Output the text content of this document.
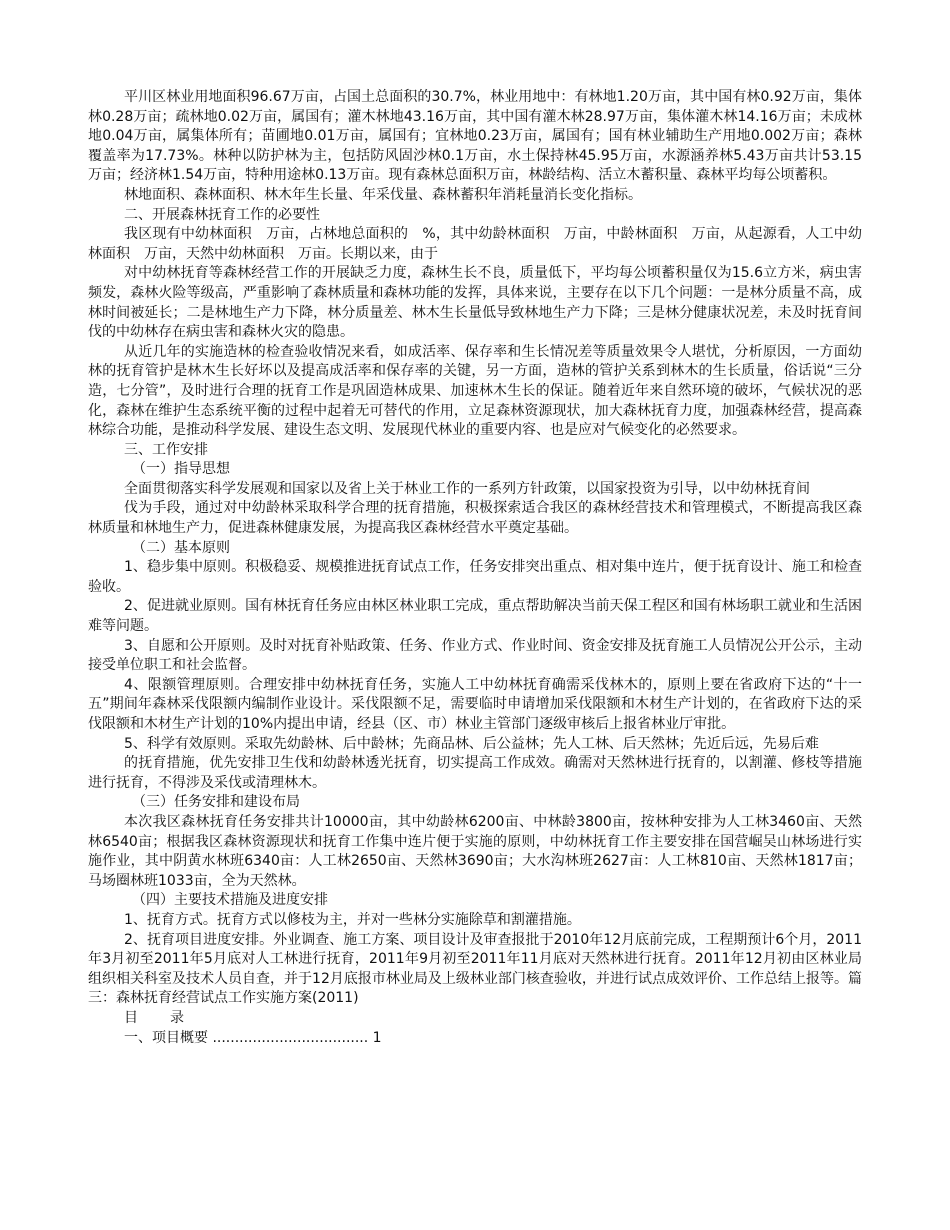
平川区林业用地面积96.67万亩，占国土总面积的30.7%，林业用地中：有林地1.20万亩，其中国有林0.92万亩，集体林0.28万亩；疏林地0.02万亩，属国有；灌木林地43.16万亩，其中国有灌木林28.97万亩，集体灌木林14.16万亩；未成林地0.04万亩，属集体所有；苗圃地0.01万亩，属国有；宜林地0.23万亩，属国有；国有林业辅助生产用地0.002万亩；森林覆盖率为17.73%。林种以防护林为主，包括防风固沙林0.1万亩，水土保持林45.95万亩，水源涵养林5.43万亩共计53.15万亩；经济林1.54万亩，特种用途林0.13万亩。现有森林总面积万亩，林龄结构、活立木蓄积量、森林平均每公顷蓄积。

林地面积、森林面积、林木年生长量、年采伐量、森林蓄积年消耗量消长变化指标。

二、开展森林抚育工作的必要性

我区现有中幼林面积　万亩，占林地总面积的　%，其中幼龄林面积　万亩，中龄林面积　万亩，从起源看，人工中幼林面积　万亩，天然中幼林面积　万亩。长期以来，由于

对中幼林抚育等森林经营工作的开展缺乏力度，森林生长不良，质量低下，平均每公顷蓄积量仅为15.6立方米，病虫害频发，森林火险等级高，严重影响了森林质量和森林功能的发挥，具体来说，主要存在以下几个问题：一是林分质量不高，成林时间被延长；二是林地生产力下降，林分质量差、林木生长量低导致林地生产力下降；三是林分健康状况差，未及时抚育间伐的中幼林存在病虫害和森林火灾的隐患。

从近几年的实施造林的检查验收情况来看，如成活率、保存率和生长情况差等质量效果令人堪忧，分析原因，一方面幼林的抚育管护是林木生长好坏以及提高成活率和保存率的关键，另一方面，造林的管护关系到林木的生长质量，俗话说“三分造，七分管”，及时进行合理的抚育工作是巩固造林成果、加速林木生长的保证。随着近年来自然环境的破坏，气候状况的恶化，森林在维护生态系统平衡的过程中起着无可替代的作用，立足森林资源现状，加大森林抚育力度，加强森林经营，提高森林综合功能，是推动科学发展、建设生态文明、发展现代林业的重要内容、也是应对气候变化的必然要求。

三、工作安排

（一）指导思想

全面贯彻落实科学发展观和国家以及省上关于林业工作的一系列方针政策，以国家投资为引导，以中幼林抚育间

伐为手段，通过对中幼龄林采取科学合理的抚育措施，积极探索适合我区的森林经营技术和管理模式，不断提高我区森林质量和林地生产力，促进森林健康发展，为提高我区森林经营水平奠定基础。

（二）基本原则

1、稳步集中原则。积极稳妥、规模推进抚育试点工作，任务安排突出重点、相对集中连片，便于抚育设计、施工和检查验收。

2、促进就业原则。国有林抚育任务应由林区林业职工完成，重点帮助解决当前天保工程区和国有林场职工就业和生活困难等问题。

3、自愿和公开原则。及时对抚育补贴政策、任务、作业方式、作业时间、资金安排及抚育施工人员情况公开公示，主动接受单位职工和社会监督。

4、限额管理原则。合理安排中幼林抚育任务，实施人工中幼林抚育确需采伐林木的，原则上要在省政府下达的“十一五”期间年森林采伐限额内编制作业设计。采伐限额不足，需要临时申请增加采伐限额和木材生产计划的，在省政府下达的采伐限额和木材生产计划的10%内提出申请，经县（区、市）林业主管部门逐级审核后上报省林业厅审批。

5、科学有效原则。采取先幼龄林、后中龄林；先商品林、后公益林；先人工林、后天然林；先近后远，先易后难

的抚育措施，优先安排卫生伐和幼龄林透光抚育，切实提高工作成效。确需对天然林进行抚育的，以割灌、修枝等措施进行抚育，不得涉及采伐或清理林木。

（三）任务安排和建设布局

本次我区森林抚育任务安排共计10000亩，其中幼龄林6200亩、中林龄3800亩，按林种安排为人工林3460亩、天然林6540亩；根据我区森林资源现状和抚育工作集中连片便于实施的原则，中幼林抚育工作主要安排在国营崛吴山林场进行实施作业，其中阴黄水林班6340亩：人工林2650亩、天然林3690亩；大水沟林班2627亩：人工林810亩、天然林1817亩；马场圈林班1033亩，全为天然林。

（四）主要技术措施及进度安排

1、抚育方式。抚育方式以修枝为主，并对一些林分实施除草和割灌措施。

2、抚育项目进度安排。外业调查、施工方案、项目设计及审查报批于2010年12月底前完成，工程期预计6个月，2011年3月初至2011年5月底对人工林进行抚育，2011年9月初至2011年11月底对天然林进行抚育。2011年12月初由区林业局组织相关科室及技术人员自查，并于12月底报市林业局及上级林业部门核查验收，并进行试点成效评价、工作总结上报等。篇三：森林抚育经营试点工作实施方案(2011)

目 录

一、项目概要 ................................... 1
